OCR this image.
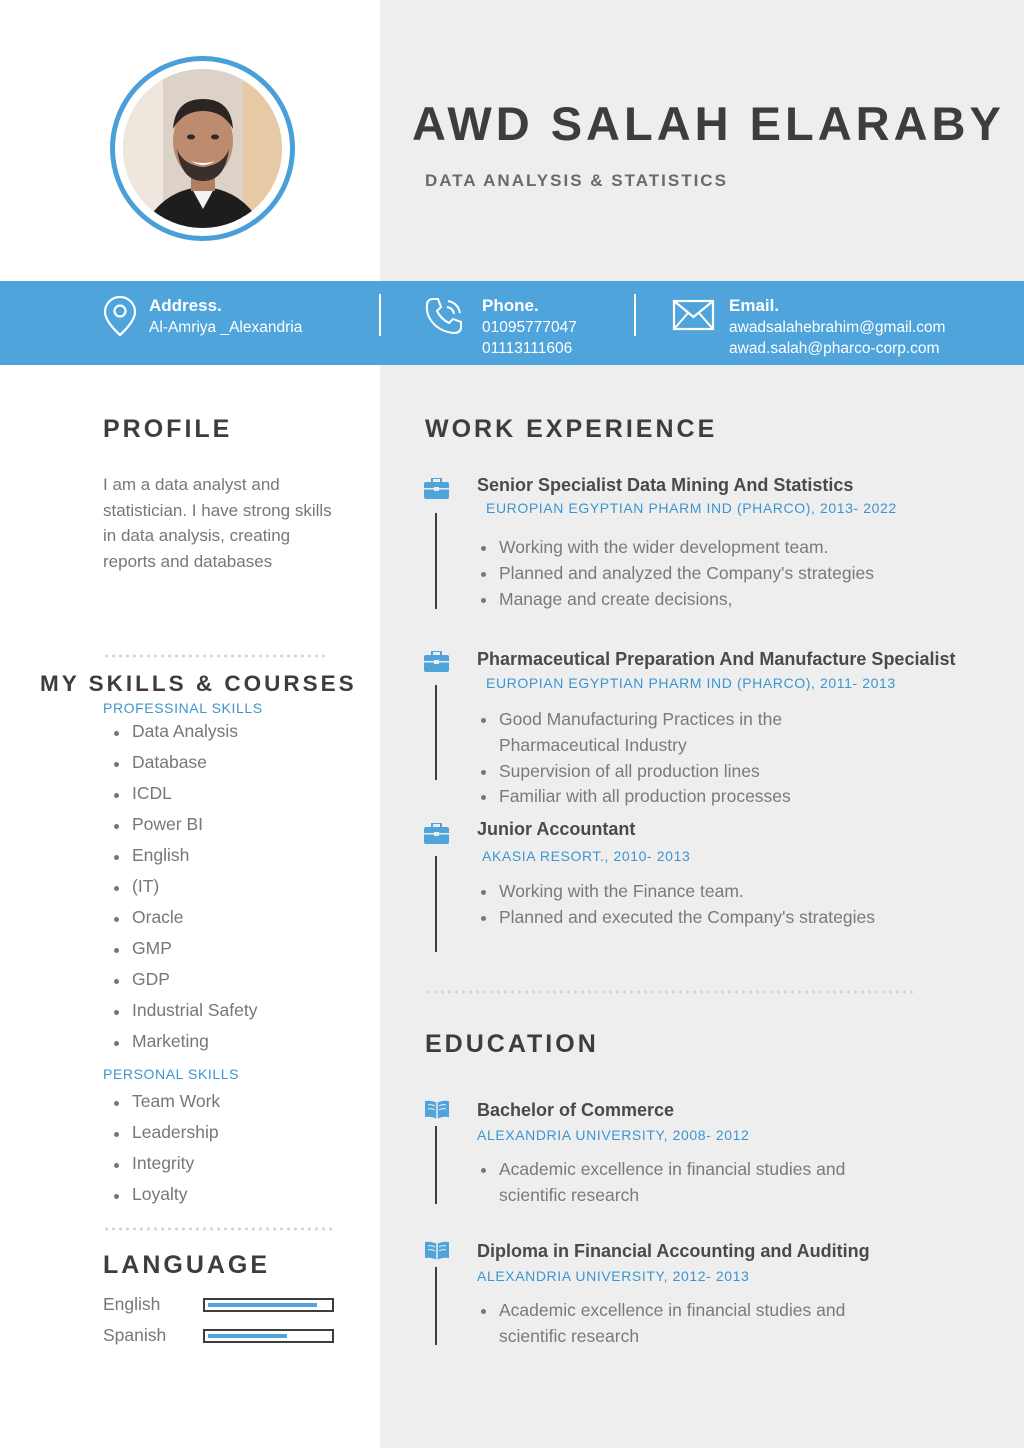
AWD SALAH ELARABY
DATA ANALYSIS & STATISTICS
Address.
Al-Amriya _Alexandria
Phone.
01095777047
01113111606
Email.
awadsalahebrahim@gmail.com
awad.salah@pharco-corp.com
PROFILE
I am a data analyst and statistician. I have strong skills in data analysis, creating reports and databases
MY SKILLS & COURSES
PROFESSINAL SKILLS
Data Analysis
Database
ICDL
Power BI
English
(IT)
Oracle
GMP
GDP
Industrial Safety
Marketing
PERSONAL SKILLS
Team Work
Leadership
Integrity
Loyalty
LANGUAGE
English
Spanish
WORK EXPERIENCE
Senior Specialist Data Mining And Statistics
EUROPIAN EGYPTIAN PHARM IND (PHARCO), 2013- 2022
Working with the wider development team.
Planned and analyzed the Company's strategies
Manage and create decisions,
Pharmaceutical Preparation And Manufacture Specialist
EUROPIAN EGYPTIAN PHARM IND (PHARCO), 2011- 2013
Good Manufacturing Practices in the Pharmaceutical Industry
Supervision of all production lines
Familiar with all production processes
Junior Accountant
AKASIA RESORT., 2010- 2013
Working with the Finance team.
Planned and executed the Company's strategies
EDUCATION
Bachelor of Commerce
ALEXANDRIA UNIVERSITY, 2008- 2012
Academic excellence in financial studies and scientific research
Diploma in Financial Accounting and Auditing
ALEXANDRIA UNIVERSITY, 2012- 2013
Academic excellence in financial studies and scientific research
